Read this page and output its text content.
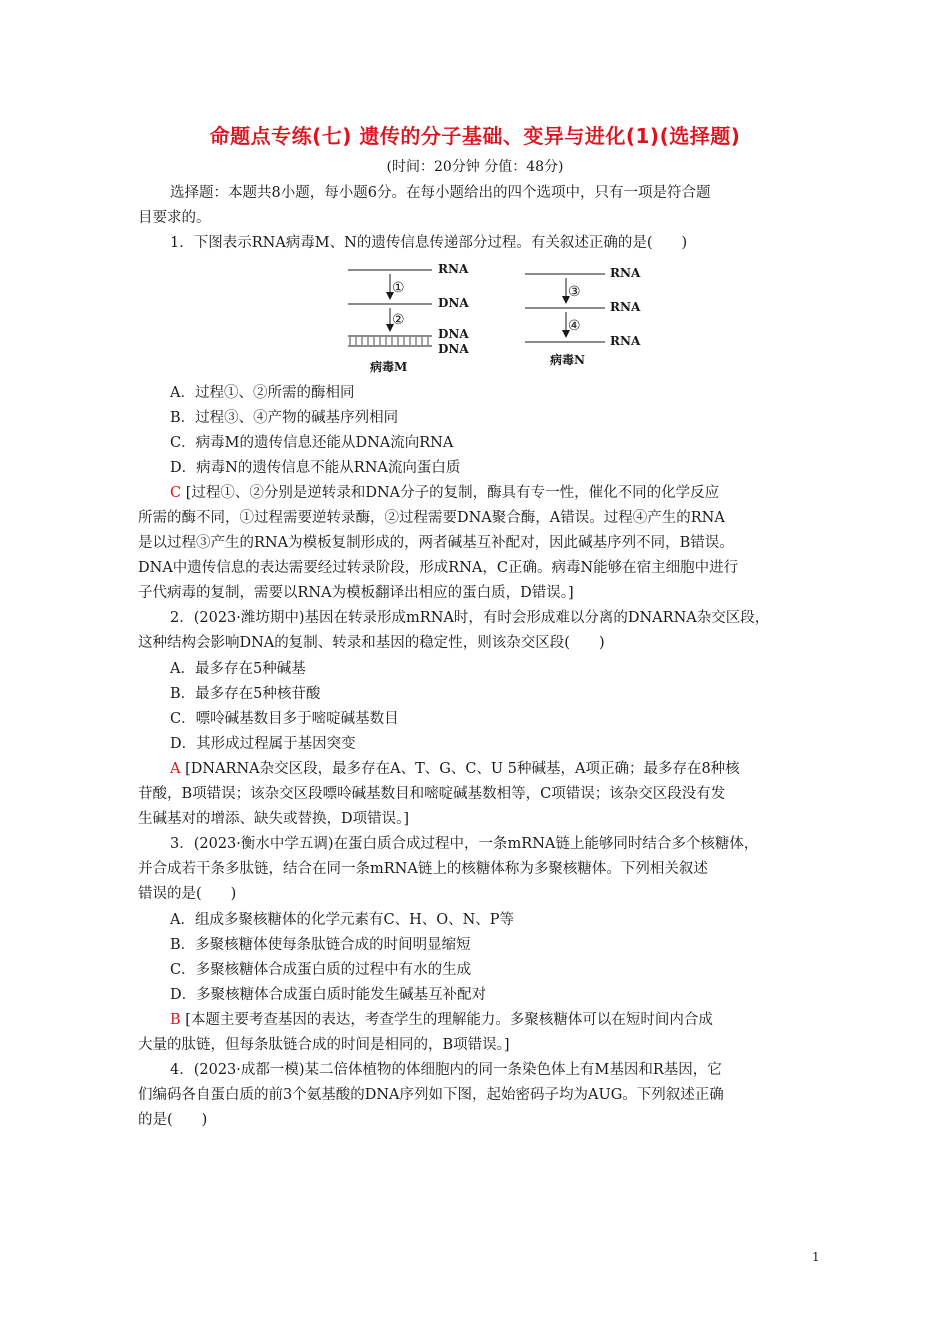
命题点专练(七) 遗传的分子基础、变异与进化(1)(选择题)
(时间：20分钟 分值：48分)
选择题：本题共8小题，每小题6分。在每小题给出的四个选项中，只有一项是符合题
目要求的。
1．下图表示RNA病毒M、N的遗传信息传递部分过程。有关叙述正确的是(　　)
①
②
RNA
DNA
DNA
DNA
病毒M
③
④
RNA
RNA
RNA
病毒N
A．过程①、②所需的酶相同
B．过程③、④产物的碱基序列相同
C．病毒M的遗传信息还能从DNA流向RNA
D．病毒N的遗传信息不能从RNA流向蛋白质
C [过程①、②分别是逆转录和DNA分子的复制，酶具有专一性，催化不同的化学反应
所需的酶不同，①过程需要逆转录酶，②过程需要DNA聚合酶，A错误。过程④产生的RNA
是以过程③产生的RNA为模板复制形成的，两者碱基互补配对，因此碱基序列不同，B错误。
DNA中遗传信息的表达需要经过转录阶段，形成RNA，C正确。病毒N能够在宿主细胞中进行
子代病毒的复制，需要以RNA为模板翻译出相应的蛋白质，D错误。]
2．(2023·潍坊期中)基因在转录形成mRNA时，有时会形成难以分离的DNARNA杂交区段，
这种结构会影响DNA的复制、转录和基因的稳定性，则该杂交区段(　　)
A．最多存在5种碱基
B．最多存在5种核苷酸
C．嘌呤碱基数目多于嘧啶碱基数目
D．其形成过程属于基因突变
A [DNARNA杂交区段，最多存在A、T、G、C、U 5种碱基，A项正确；最多存在8种核
苷酸，B项错误；该杂交区段嘌呤碱基数目和嘧啶碱基数相等，C项错误；该杂交区段没有发
生碱基对的增添、缺失或替换，D项错误。]
3．(2023·衡水中学五调)在蛋白质合成过程中，一条mRNA链上能够同时结合多个核糖体，
并合成若干条多肽链，结合在同一条mRNA链上的核糖体称为多聚核糖体。下列相关叙述
错误的是(　　)
A．组成多聚核糖体的化学元素有C、H、O、N、P等
B．多聚核糖体使每条肽链合成的时间明显缩短
C．多聚核糖体合成蛋白质的过程中有水的生成
D．多聚核糖体合成蛋白质时能发生碱基互补配对
B [本题主要考查基因的表达，考查学生的理解能力。多聚核糖体可以在短时间内合成
大量的肽链，但每条肽链合成的时间是相同的，B项错误。]
4．(2023·成都一模)某二倍体植物的体细胞内的同一条染色体上有M基因和R基因，它
们编码各自蛋白质的前3个氨基酸的DNA序列如下图，起始密码子均为AUG。下列叙述正确
的是(　　)
1
